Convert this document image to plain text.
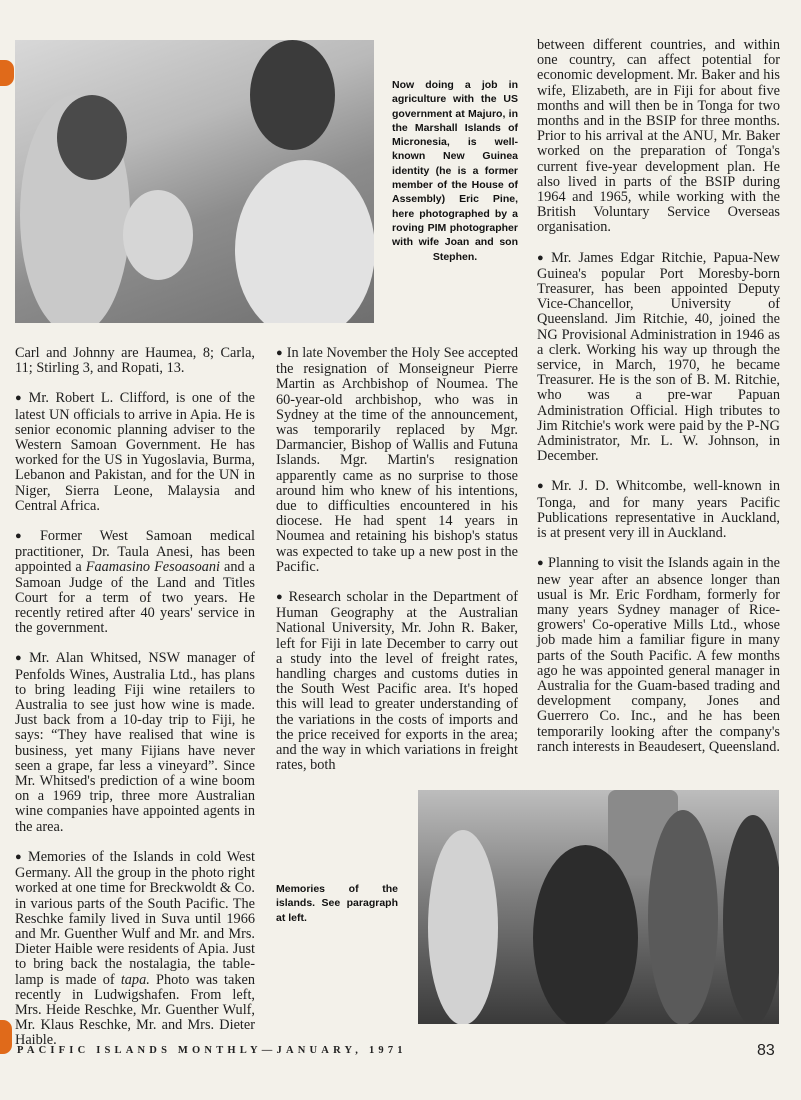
Now doing a job in agriculture with the US government at Majuro, in the Marshall Islands of Micronesia, is well-known New Guinea identity (he is a former member of the House of Assembly) Eric Pine, here photographed by a roving PIM photographer with wife Joan and son Stephen.

Carl and Johnny are Haumea, 8; Carla, 11; Stirling 3, and Ropati, 13.

● Mr. Robert L. Clifford, is one of the latest UN officials to arrive in Apia. He is senior economic planning adviser to the Western Samoan Government. He has worked for the US in Yugoslavia, Burma, Lebanon and Pakistan, and for the UN in Niger, Sierra Leone, Malaysia and Central Africa.

● Former West Samoan medical practitioner, Dr. Taula Anesi, has been appointed a Faamasino Fesoasoani and a Samoan Judge of the Land and Titles Court for a term of two years. He recently retired after 40 years' service in the government.

● Mr. Alan Whitsed, NSW manager of Penfolds Wines, Australia Ltd., has plans to bring leading Fiji wine retailers to Australia to see just how wine is made. Just back from a 10-day trip to Fiji, he says: “They have realised that wine is business, yet many Fijians have never seen a grape, far less a vineyard”. Since Mr. Whitsed's prediction of a wine boom on a 1969 trip, three more Australian wine companies have appointed agents in the area.

● Memories of the Islands in cold West Germany. All the group in the photo right worked at one time for Breckwoldt & Co. in various parts of the South Pacific. The Reschke family lived in Suva until 1966 and Mr. Guenther Wulf and Mr. and Mrs. Dieter Haible were residents of Apia. Just to bring back the nostalagia, the table-lamp is made of tapa. Photo was taken recently in Ludwigshafen. From left, Mrs. Heide Reschke, Mr. Guenther Wulf, Mr. Klaus Reschke, Mr. and Mrs. Dieter Haible.

● In late November the Holy See accepted the resignation of Monseigneur Pierre Martin as Archbishop of Noumea. The 60-year-old archbishop, who was in Sydney at the time of the announcement, was temporarily replaced by Mgr. Darmancier, Bishop of Wallis and Futuna Islands. Mgr. Martin's resignation apparently came as no surprise to those around him who knew of his intentions, due to difficulties encountered in his diocese. He had spent 14 years in Noumea and retaining his bishop's status was expected to take up a new post in the Pacific.

● Research scholar in the Department of Human Geography at the Australian National University, Mr. John R. Baker, left for Fiji in late December to carry out a study into the level of freight rates, handling charges and customs duties in the South West Pacific area. It's hoped this will lead to greater understanding of the variations in the costs of imports and the price received for exports in the area; and the way in which variations in freight rates, both

between different countries, and within one country, can affect potential for economic development. Mr. Baker and his wife, Elizabeth, are in Fiji for about five months and will then be in Tonga for two months and in the BSIP for three months. Prior to his arrival at the ANU, Mr. Baker worked on the preparation of Tonga's current five-year development plan. He also lived in parts of the BSIP during 1964 and 1965, while working with the British Voluntary Service Overseas organisation.

● Mr. James Edgar Ritchie, Papua-New Guinea's popular Port Moresby-born Treasurer, has been appointed Deputy Vice-Chancellor, University of Queensland. Jim Ritchie, 40, joined the NG Provisional Administration in 1946 as a clerk. Working his way up through the service, in March, 1970, he became Treasurer. He is the son of B. M. Ritchie, who was a pre-war Papuan Administration Official. High tributes to Jim Ritchie's work were paid by the P-NG Administrator, Mr. L. W. Johnson, in December.

● Mr. J. D. Whitcombe, well-known in Tonga, and for many years Pacific Publications representative in Auckland, is at present very ill in Auckland.

● Planning to visit the Islands again in the new year after an absence longer than usual is Mr. Eric Fordham, formerly for many years Sydney manager of Rice-growers' Co-operative Mills Ltd., whose job made him a familiar figure in many parts of the South Pacific. A few months ago he was appointed general manager in Australia for the Guam-based trading and development company, Jones and Guerrero Co. Inc., and he has been temporarily looking after the company's ranch interests in Beaudesert, Queensland.

Memories of the islands. See paragraph at left.
PACIFIC ISLANDS MONTHLY—JANUARY, 1971	83
